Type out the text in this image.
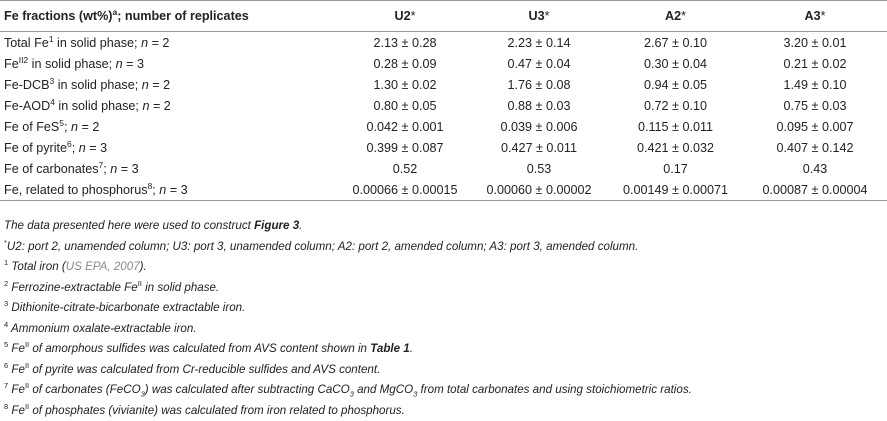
Fe fractions $(wt\%)^a$; number of replicates	U2*	U3*	A2*	A3*
Total Fe$^1$ in solid phase; n = 2	2.13 ± 0.28	2.23 ± 0.14	2.67 ± 0.10	3.20 ± 0.01
$Fe^{II2}$ in solid phase; n = 3	0.28 ± 0.09	0.47 ± 0.04	0.30 ± 0.04	0.21 ± 0.02
Fe-DCB$^3$ in solid phase; n = 2	1.30 ± 0.02	1.76 ± 0.08	0.94 ± 0.05	1.49 ± 0.10
Fe-AOD$^4$ in solid phase; n = 2	0.80 ± 0.05	0.88 ± 0.03	0.72 ± 0.10	0.75 ± 0.03
Fe of FeS$^5$; n = 2	0.042 ± 0.001	0.039 ± 0.006	0.115 ± 0.011	0.095 ± 0.007
Fe of pyrite$^6$; n = 3	0.399 ± 0.087	0.427 ± 0.011	0.421 ± 0.032	0.407 ± 0.142
Fe of carbonates$^7$; n = 3	0.52	0.53	0.17	0.43
Fe, related to phosphorus$^8$; n = 3	0.00066 ± 0.00015	0.00060 ± 0.00002	0.00149 ± 0.00071	0.00087 ± 0.00004
The data presented here were used to construct Figure 3.
*U2: port 2, unamended column; U3: port 3, unamended column; A2: port 2, amended column; A3: port 3, amended column.
$^1$ Total iron (US EPA, 2007).
$^2$ Ferrozine-extractable $Fe^{II}$ in solid phase.
$^3$ Dithionite-citrate-bicarbonate extractable iron.
$^4$ Ammonium oxalate-extractable iron.
$^5$ $Fe^{II}$ of amorphous sulfides was calculated from AVS content shown in Table 1.
$^6$ $Fe^{II}$ of pyrite was calculated from Cr-reducible sulfides and AVS content.
$^7$ $Fe^{II}$ of carbonates (FeCO$_3$) was calculated after subtracting CaCO$_3$ and MgCO$_3$ from total carbonates and using stoichiometric ratios.
$^8$ $Fe^{II}$ of phosphates (vivianite) was calculated from iron related to phosphorus.
